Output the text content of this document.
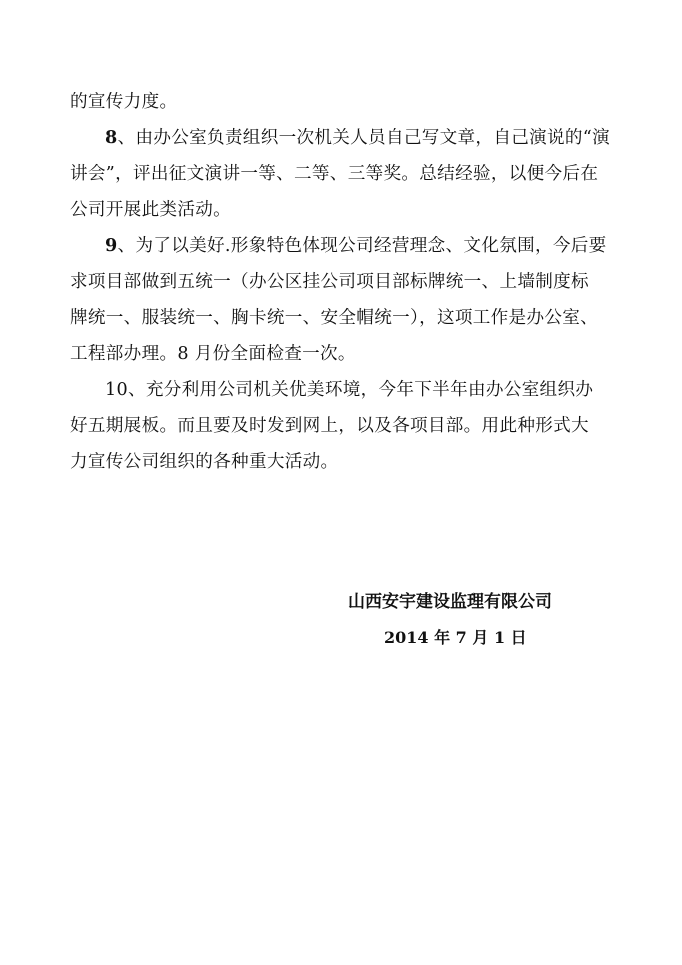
的宣传力度。
8、由办公室负责组织一次机关人员自己写文章，自己演说的“演
讲会”，评出征文演讲一等、二等、三等奖。总结经验，以便今后在
公司开展此类活动。
9、为了以美好.形象特色体现公司经营理念、文化氛围，今后要
求项目部做到五统一（办公区挂公司项目部标牌统一、上墙制度标
牌统一、服装统一、胸卡统一、安全帽统一），这项工作是办公室、
工程部办理。8 月份全面检查一次。
10、充分利用公司机关优美环境，今年下半年由办公室组织办
好五期展板。而且要及时发到网上，以及各项目部。用此种形式大
力宣传公司组织的各种重大活动。
山西安宇建设监理有限公司
2014 年 7 月 1 日
